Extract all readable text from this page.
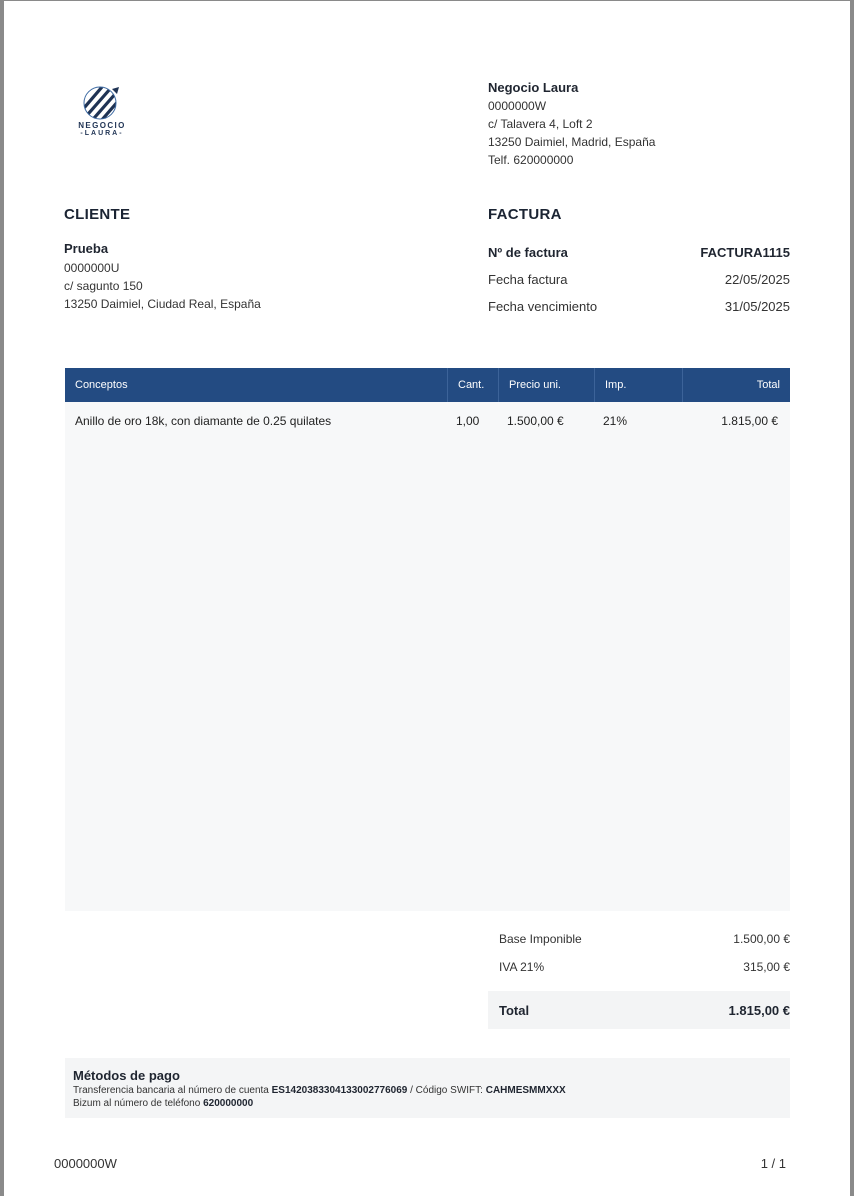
NEGOCIO
-LAURA-
Negocio Laura
0000000W
c/ Talavera 4, Loft 2
13250 Daimiel, Madrid, España
Telf. 620000000
CLIENTE	FACTURA
Prueba
0000000U
c/ sagunto 150
13250 Daimiel, Ciudad Real, España
Nº de factura	FACTURA1115
Fecha factura	22/05/2025
Fecha vencimiento	31/05/2025
Conceptos	Cant.	Precio uni.	Imp.	Total
Anillo de oro 18k, con diamante de 0.25 quilates	1,00	1.500,00 €	21%	1.815,00 €
Base Imponible	1.500,00 €
IVA 21%	315,00 €
Total	1.815,00 €
Métodos de pago
Transferencia bancaria al número de cuenta ES1420383304133002776069 / Código SWIFT: CAHMESMMXXX
Bizum al número de teléfono 620000000
0000000W	1 / 1
